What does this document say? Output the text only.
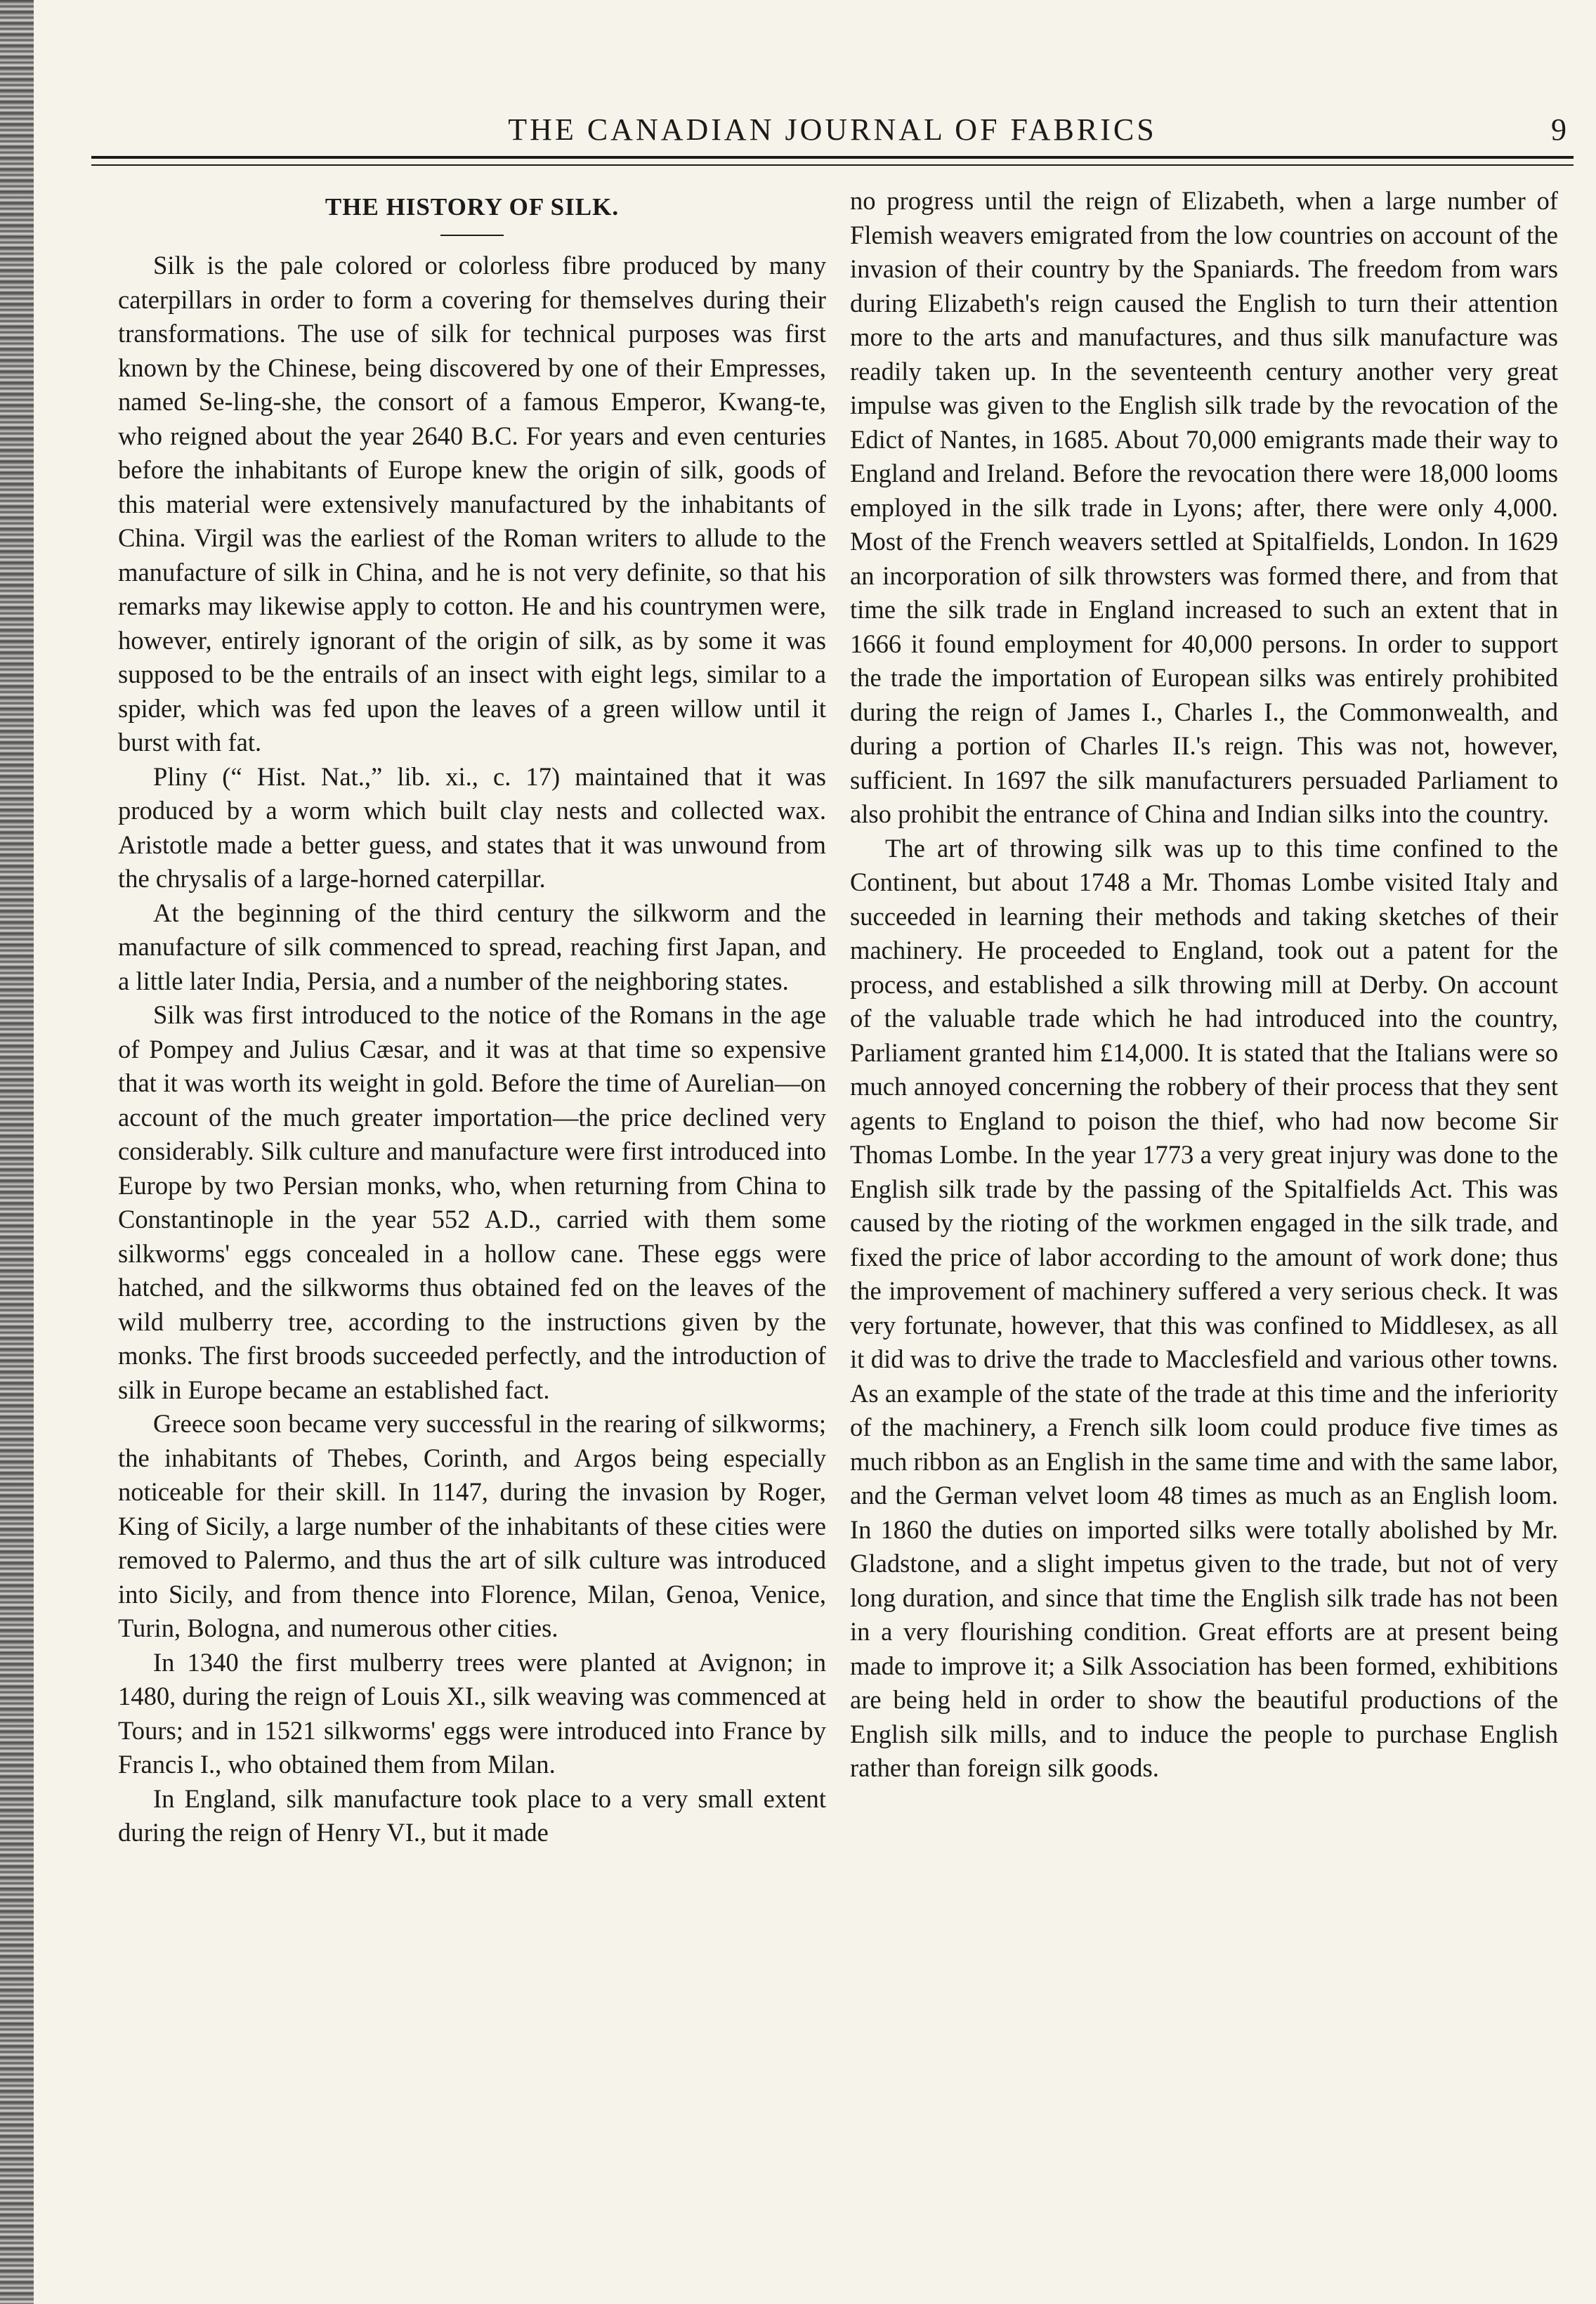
THE CANADIAN JOURNAL OF FABRICS	9
THE HISTORY OF SILK.

Silk is the pale colored or colorless fibre produced by many caterpillars in order to form a covering for themselves during their transformations. The use of silk for technical purposes was first known by the Chinese, being discovered by one of their Empresses, named Se-ling-she, the consort of a famous Emperor, Kwang-te, who reigned about the year 2640 B.C. For years and even centuries before the inhabitants of Europe knew the origin of silk, goods of this material were extensively manufactured by the inhabitants of China. Virgil was the earliest of the Roman writers to allude to the manufacture of silk in China, and he is not very definite, so that his remarks may likewise apply to cotton. He and his countrymen were, however, entirely ignorant of the origin of silk, as by some it was supposed to be the entrails of an insect with eight legs, similar to a spider, which was fed upon the leaves of a green willow until it burst with fat.

Pliny (“ Hist. Nat.,” lib. xi., c. 17) maintained that it was produced by a worm which built clay nests and collected wax. Aristotle made a better guess, and states that it was unwound from the chrysalis of a large-horned caterpillar.

At the beginning of the third century the silkworm and the manufacture of silk commenced to spread, reaching first Japan, and a little later India, Persia, and a number of the neighboring states.

Silk was first introduced to the notice of the Romans in the age of Pompey and Julius Cæsar, and it was at that time so expensive that it was worth its weight in gold. Before the time of Aurelian—on account of the much greater importation—the price declined very considerably. Silk culture and manufacture were first introduced into Europe by two Persian monks, who, when returning from China to Constantinople in the year 552 A.D., carried with them some silkworms' eggs concealed in a hollow cane. These eggs were hatched, and the silkworms thus obtained fed on the leaves of the wild mulberry tree, according to the instructions given by the monks. The first broods succeeded perfectly, and the introduction of silk in Europe became an established fact.

Greece soon became very successful in the rearing of silkworms; the inhabitants of Thebes, Corinth, and Argos being especially noticeable for their skill. In 1147, during the invasion by Roger, King of Sicily, a large number of the inhabitants of these cities were removed to Palermo, and thus the art of silk culture was introduced into Sicily, and from thence into Florence, Milan, Genoa, Venice, Turin, Bologna, and numerous other cities.

In 1340 the first mulberry trees were planted at Avignon; in 1480, during the reign of Louis XI., silk weaving was commenced at Tours; and in 1521 silkworms' eggs were introduced into France by Francis I., who obtained them from Milan.

In England, silk manufacture took place to a very small extent during the reign of Henry VI., but it made

no progress until the reign of Elizabeth, when a large number of Flemish weavers emigrated from the low countries on account of the invasion of their country by the Spaniards. The freedom from wars during Elizabeth's reign caused the English to turn their attention more to the arts and manufactures, and thus silk manufacture was readily taken up. In the seventeenth century another very great impulse was given to the English silk trade by the revocation of the Edict of Nantes, in 1685. About 70,000 emigrants made their way to England and Ireland. Before the revocation there were 18,000 looms employed in the silk trade in Lyons; after, there were only 4,000. Most of the French weavers settled at Spitalfields, London. In 1629 an incorporation of silk throwsters was formed there, and from that time the silk trade in England increased to such an extent that in 1666 it found employment for 40,000 persons. In order to support the trade the importation of European silks was entirely prohibited during the reign of James I., Charles I., the Commonwealth, and during a portion of Charles II.'s reign. This was not, however, sufficient. In 1697 the silk manufacturers persuaded Parliament to also prohibit the entrance of China and Indian silks into the country.

The art of throwing silk was up to this time confined to the Continent, but about 1748 a Mr. Thomas Lombe visited Italy and succeeded in learning their methods and taking sketches of their machinery. He proceeded to England, took out a patent for the process, and established a silk throwing mill at Derby. On account of the valuable trade which he had introduced into the country, Parliament granted him £14,000. It is stated that the Italians were so much annoyed concerning the robbery of their process that they sent agents to England to poison the thief, who had now become Sir Thomas Lombe. In the year 1773 a very great injury was done to the English silk trade by the passing of the Spitalfields Act. This was caused by the rioting of the workmen engaged in the silk trade, and fixed the price of labor according to the amount of work done; thus the improvement of machinery suffered a very serious check. It was very fortunate, however, that this was confined to Middlesex, as all it did was to drive the trade to Macclesfield and various other towns. As an example of the state of the trade at this time and the inferiority of the machinery, a French silk loom could produce five times as much ribbon as an English in the same time and with the same labor, and the German velvet loom 48 times as much as an English loom. In 1860 the duties on imported silks were totally abolished by Mr. Gladstone, and a slight impetus given to the trade, but not of very long duration, and since that time the English silk trade has not been in a very flourishing condition. Great efforts are at present being made to improve it; a Silk Association has been formed, exhibitions are being held in order to show the beautiful productions of the English silk mills, and to induce the people to purchase English rather than foreign silk goods.
